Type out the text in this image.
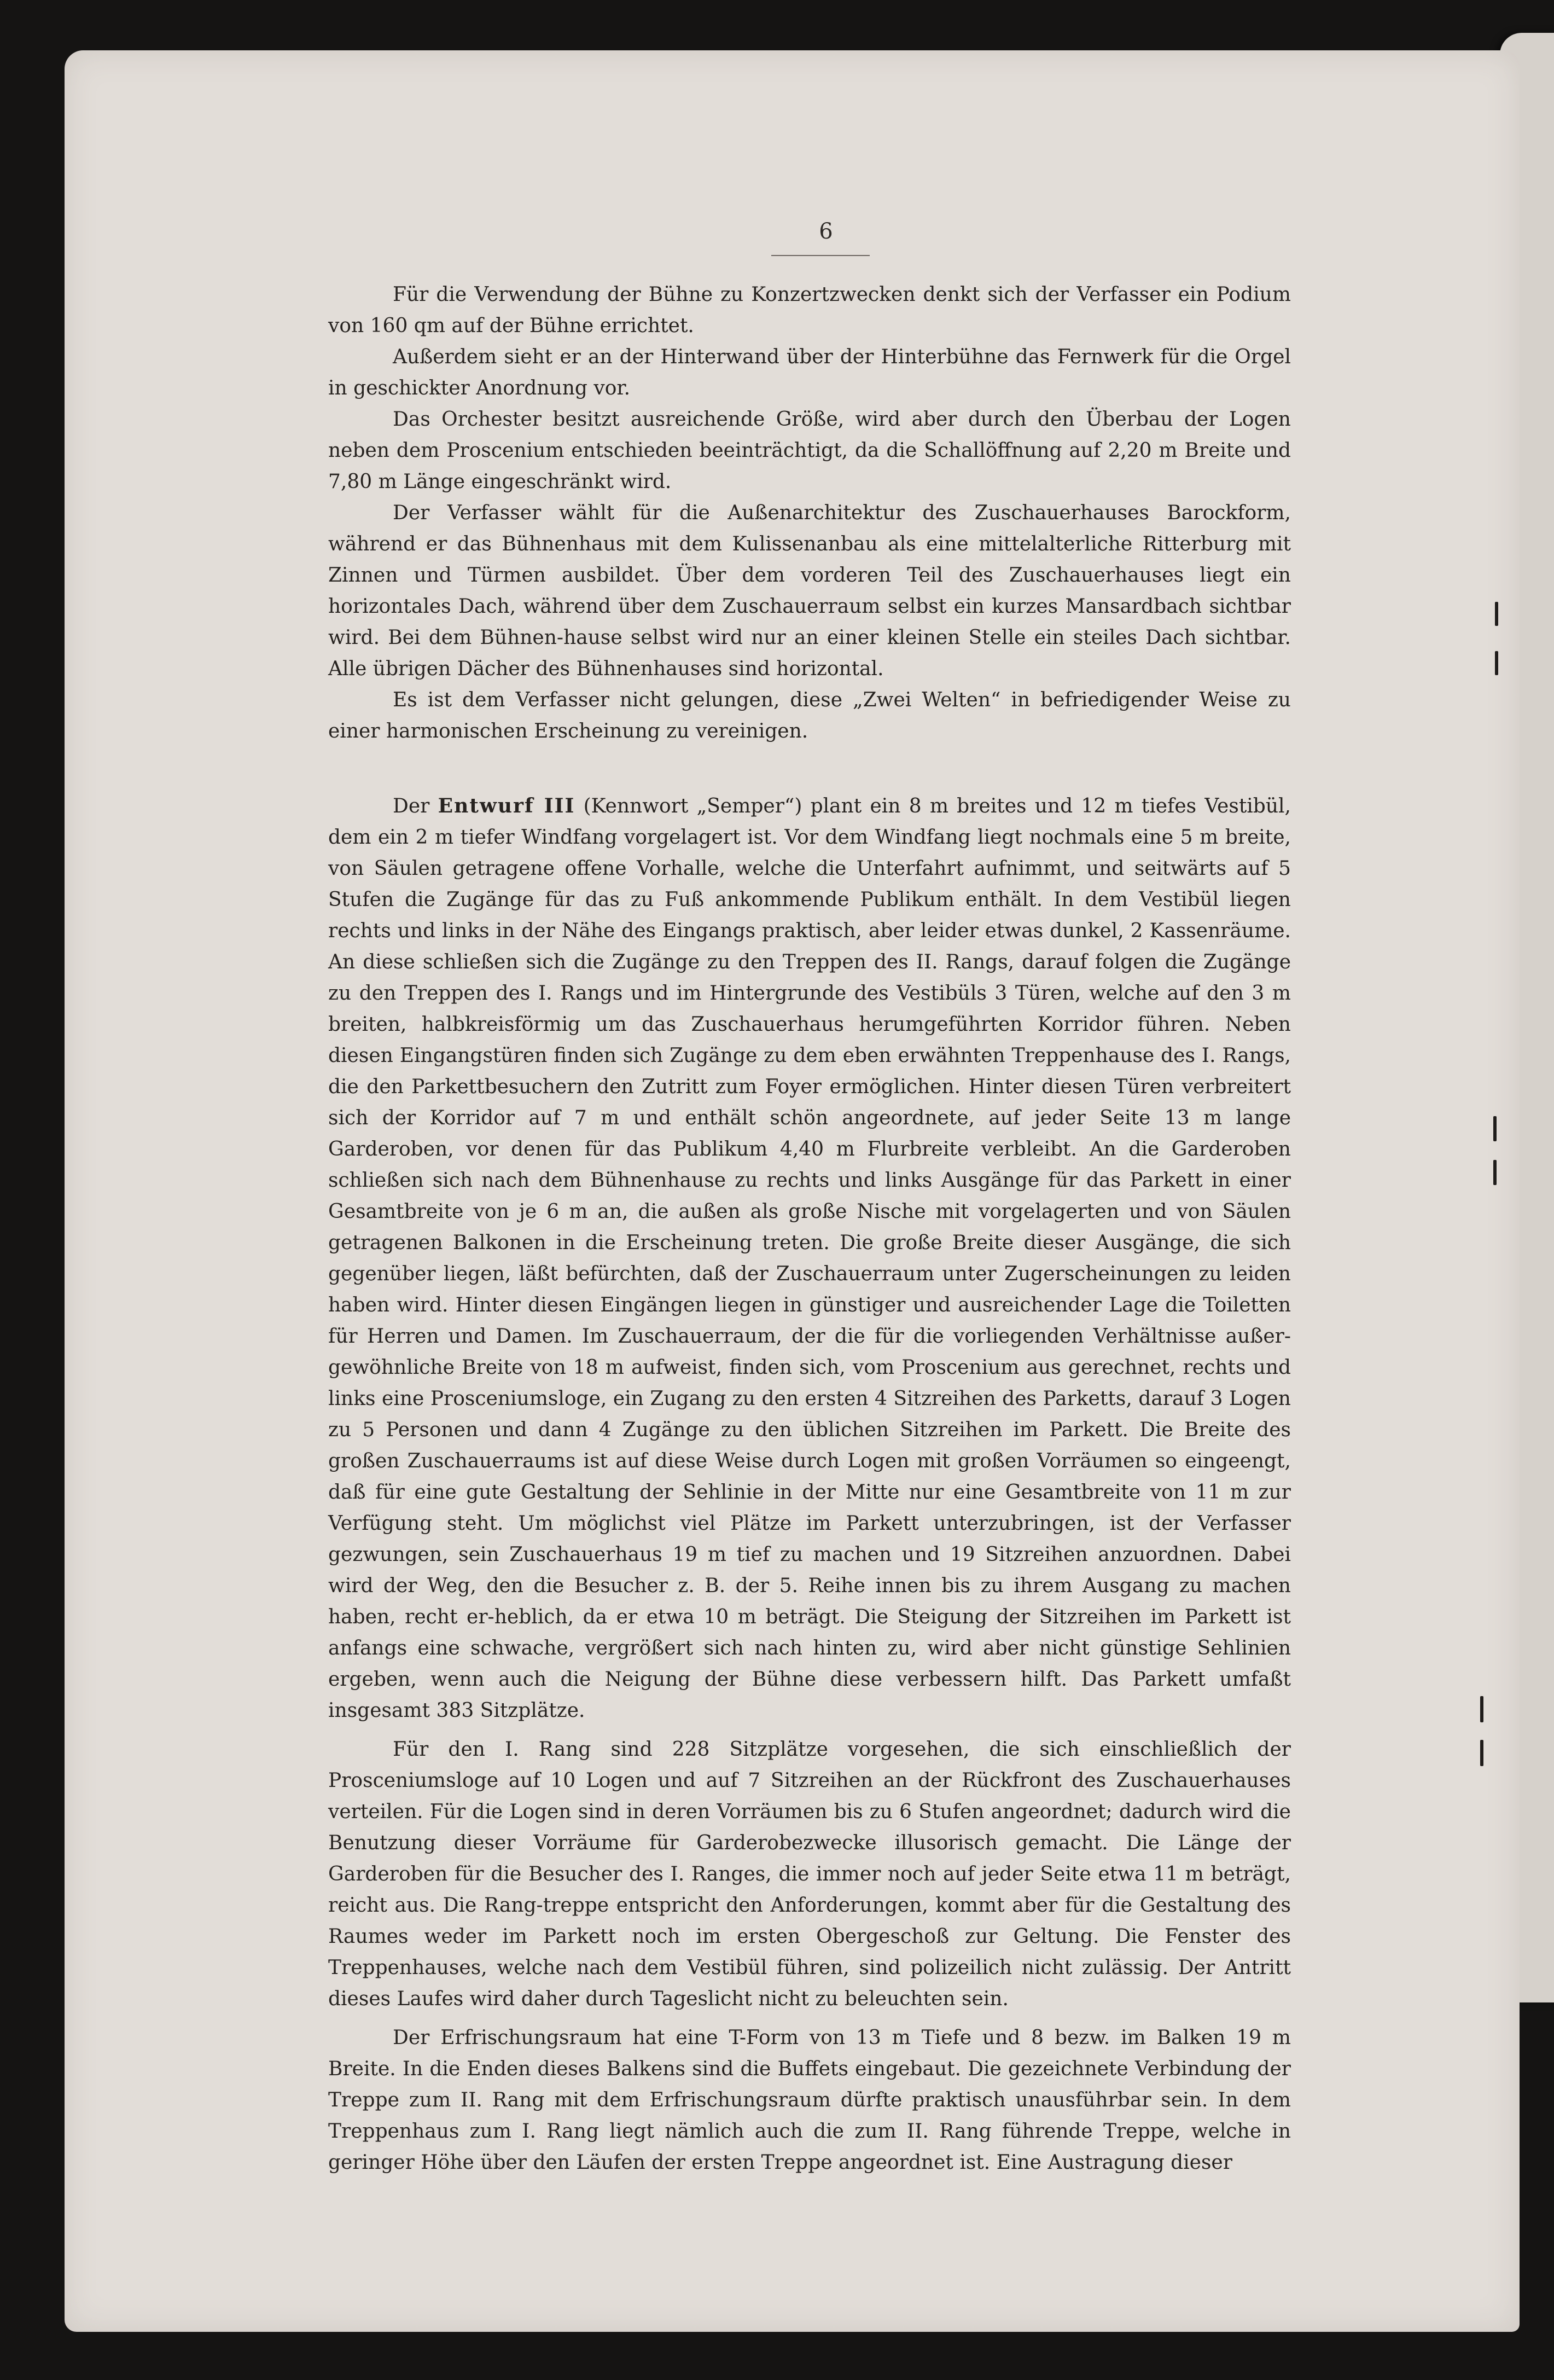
6

Für die Verwendung der Bühne zu Konzertzwecken denkt sich der Verfasser ein Podium von 160 qm auf der Bühne errichtet.

Außerdem sieht er an der Hinterwand über der Hinterbühne das Fernwerk für die Orgel in geschickter Anordnung vor.

Das Orchester besitzt ausreichende Größe, wird aber durch den Überbau der Logen neben dem Proscenium entschieden beeinträchtigt, da die Schallöffnung auf 2,20 m Breite und 7,80 m Länge eingeschränkt wird.

Der Verfasser wählt für die Außenarchitektur des Zuschauerhauses Barockform, während er das Bühnenhaus mit dem Kulissenanbau als eine mittelalterliche Ritterburg mit Zinnen und Türmen ausbildet. Über dem vorderen Teil des Zuschauerhauses liegt ein horizontales Dach, während über dem Zuschauerraum selbst ein kurzes Mansardbach sichtbar wird. Bei dem Bühnen-hause selbst wird nur an einer kleinen Stelle ein steiles Dach sichtbar. Alle übrigen Dächer des Bühnenhauses sind horizontal.

Es ist dem Verfasser nicht gelungen, diese „Zwei Welten“ in befriedigender Weise zu einer harmonischen Erscheinung zu vereinigen.

Der Entwurf III (Kennwort „Semper“) plant ein 8 m breites und 12 m tiefes Vestibül, dem ein 2 m tiefer Windfang vorgelagert ist. Vor dem Windfang liegt nochmals eine 5 m breite, von Säulen getragene offene Vorhalle, welche die Unterfahrt aufnimmt, und seitwärts auf 5 Stufen die Zugänge für das zu Fuß ankommende Publikum enthält. In dem Vestibül liegen rechts und links in der Nähe des Eingangs praktisch, aber leider etwas dunkel, 2 Kassenräume. An diese schließen sich die Zugänge zu den Treppen des II. Rangs, darauf folgen die Zugänge zu den Treppen des I. Rangs und im Hintergrunde des Vestibüls 3 Türen, welche auf den 3 m breiten, halbkreisförmig um das Zuschauerhaus herumgeführten Korridor führen. Neben diesen Eingangstüren finden sich Zugänge zu dem eben erwähnten Treppenhause des I. Rangs, die den Parkettbesuchern den Zutritt zum Foyer ermöglichen. Hinter diesen Türen verbreitert sich der Korridor auf 7 m und enthält schön angeordnete, auf jeder Seite 13 m lange Garderoben, vor denen für das Publikum 4,40 m Flurbreite verbleibt. An die Garderoben schließen sich nach dem Bühnenhause zu rechts und links Ausgänge für das Parkett in einer Gesamtbreite von je 6 m an, die außen als große Nische mit vorgelagerten und von Säulen getragenen Balkonen in die Erscheinung treten. Die große Breite dieser Ausgänge, die sich gegenüber liegen, läßt befürchten, daß der Zuschauerraum unter Zugerscheinungen zu leiden haben wird. Hinter diesen Eingängen liegen in günstiger und ausreichender Lage die Toiletten für Herren und Damen. Im Zuschauerraum, der die für die vorliegenden Verhältnisse außer-gewöhnliche Breite von 18 m aufweist, finden sich, vom Proscenium aus gerechnet, rechts und links eine Prosceniumsloge, ein Zugang zu den ersten 4 Sitzreihen des Parketts, darauf 3 Logen zu 5 Personen und dann 4 Zugänge zu den üblichen Sitzreihen im Parkett. Die Breite des großen Zuschauerraums ist auf diese Weise durch Logen mit großen Vorräumen so eingeengt, daß für eine gute Gestaltung der Sehlinie in der Mitte nur eine Gesamtbreite von 11 m zur Verfügung steht. Um möglichst viel Plätze im Parkett unterzubringen, ist der Verfasser gezwungen, sein Zuschauerhaus 19 m tief zu machen und 19 Sitzreihen anzuordnen. Dabei wird der Weg, den die Besucher z. B. der 5. Reihe innen bis zu ihrem Ausgang zu machen haben, recht er-heblich, da er etwa 10 m beträgt. Die Steigung der Sitzreihen im Parkett ist anfangs eine schwache, vergrößert sich nach hinten zu, wird aber nicht günstige Sehlinien ergeben, wenn auch die Neigung der Bühne diese verbessern hilft. Das Parkett umfaßt insgesamt 383 Sitzplätze.

Für den I. Rang sind 228 Sitzplätze vorgesehen, die sich einschließlich der Prosceniumsloge auf 10 Logen und auf 7 Sitzreihen an der Rückfront des Zuschauerhauses verteilen. Für die Logen sind in deren Vorräumen bis zu 6 Stufen angeordnet; dadurch wird die Benutzung dieser Vorräume für Garderobezwecke illusorisch gemacht. Die Länge der Garderoben für die Besucher des I. Ranges, die immer noch auf jeder Seite etwa 11 m beträgt, reicht aus. Die Rang-treppe entspricht den Anforderungen, kommt aber für die Gestaltung des Raumes weder im Parkett noch im ersten Obergeschoß zur Geltung. Die Fenster des Treppenhauses, welche nach dem Vestibül führen, sind polizeilich nicht zulässig. Der Antritt dieses Laufes wird daher durch Tageslicht nicht zu beleuchten sein.

Der Erfrischungsraum hat eine T-Form von 13 m Tiefe und 8 bezw. im Balken 19 m Breite. In die Enden dieses Balkens sind die Buffets eingebaut. Die gezeichnete Verbindung der Treppe zum II. Rang mit dem Erfrischungsraum dürfte praktisch unausführbar sein. In dem Treppenhaus zum I. Rang liegt nämlich auch die zum II. Rang führende Treppe, welche in geringer Höhe über den Läufen der ersten Treppe angeordnet ist. Eine Austragung dieser
